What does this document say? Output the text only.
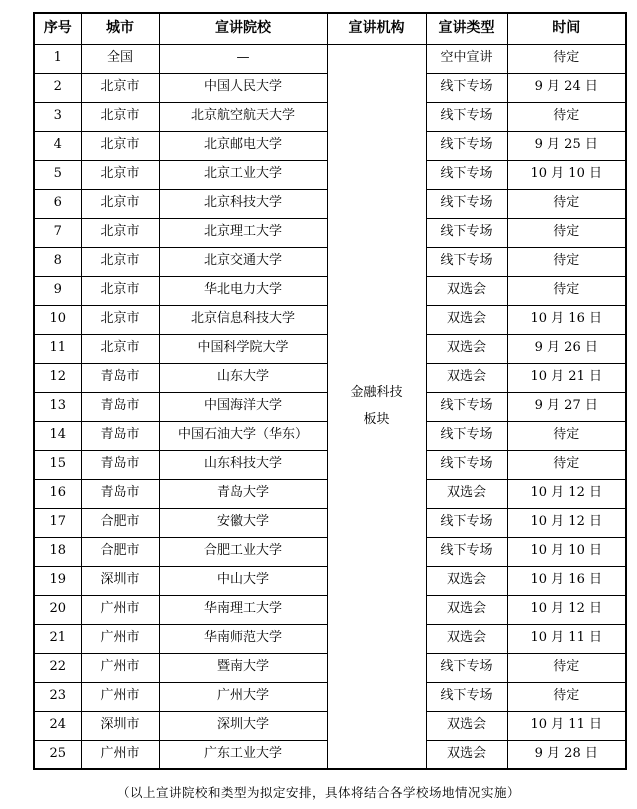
序号	城市	宣讲院校	宣讲机构	宣讲类型	时间
1	全国	—	金融科技板块	空中宣讲	待定
2	北京市	中国人民大学		线下专场	9 月 24 日
3	北京市	北京航空航天大学		线下专场	待定
4	北京市	北京邮电大学		线下专场	9 月 25 日
5	北京市	北京工业大学		线下专场	10 月 10 日
6	北京市	北京科技大学		线下专场	待定
7	北京市	北京理工大学		线下专场	待定
8	北京市	北京交通大学		线下专场	待定
9	北京市	华北电力大学		双选会	待定
10	北京市	北京信息科技大学		双选会	10 月 16 日
11	北京市	中国科学院大学		双选会	9 月 26 日
12	青岛市	山东大学		双选会	10 月 21 日
13	青岛市	中国海洋大学		线下专场	9 月 27 日
14	青岛市	中国石油大学（华东）		线下专场	待定
15	青岛市	山东科技大学		线下专场	待定
16	青岛市	青岛大学		双选会	10 月 12 日
17	合肥市	安徽大学		线下专场	10 月 12 日
18	合肥市	合肥工业大学		线下专场	10 月 10 日
19	深圳市	中山大学		双选会	10 月 16 日
20	广州市	华南理工大学		双选会	10 月 12 日
21	广州市	华南师范大学		双选会	10 月 11 日
22	广州市	暨南大学		线下专场	待定
23	广州市	广州大学		线下专场	待定
24	深圳市	深圳大学		双选会	10 月 11 日
25	广州市	广东工业大学		双选会	9 月 28 日
（以上宣讲院校和类型为拟定安排，具体将结合各学校场地情况实施）
